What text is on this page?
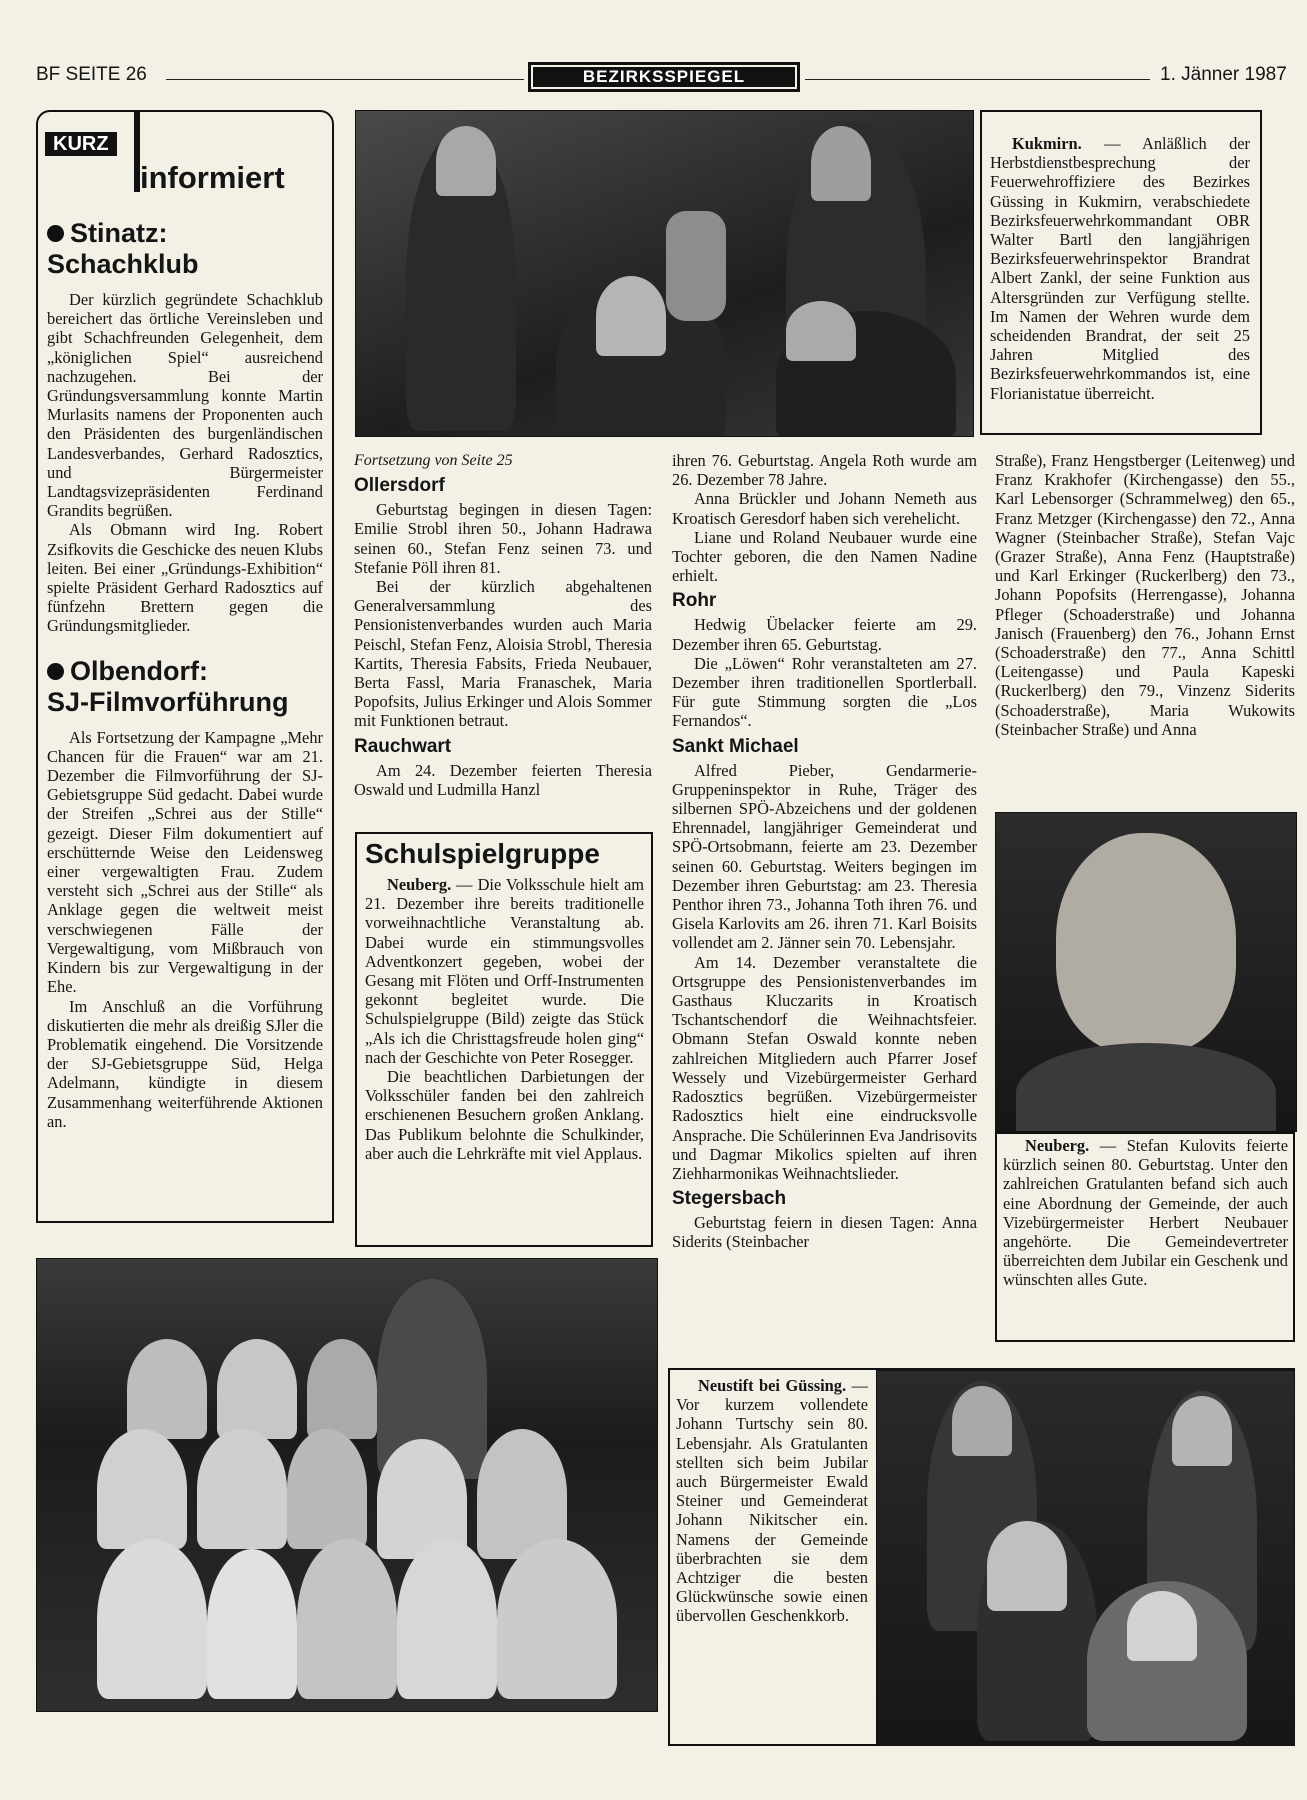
BF SEITE 26	BEZIRKSSPIEGEL	1. Jänner 1987
KURZ
informiert
Stinatz:
Schachklub

Der kürzlich gegründete Schachklub bereichert das örtliche Vereinsleben und gibt Schachfreunden Gelegenheit, dem „königlichen Spiel“ ausreichend nachzugehen. Bei der Gründungsversammlung konnte Martin Murlasits namens der Proponenten auch den Präsidenten des burgenländischen Landesverbandes, Gerhard Radosztics, und Bürgermeister Landtagsvizepräsidenten Ferdinand Grandits begrüßen.

Als Obmann wird Ing. Robert Zsifkovits die Geschicke des neuen Klubs leiten. Bei einer „Gründungs-Exhibition“ spielte Präsident Gerhard Radosztics auf fünfzehn Brettern gegen die Gründungsmitglieder.

Olbendorf:
SJ-Filmvorführung

Als Fortsetzung der Kampagne „Mehr Chancen für die Frauen“ war am 21. Dezember die Filmvorführung der SJ-Gebietsgruppe Süd gedacht. Dabei wurde der Streifen „Schrei aus der Stille“ gezeigt. Dieser Film dokumentiert auf erschütternde Weise den Leidensweg einer vergewaltigten Frau. Zudem versteht sich „Schrei aus der Stille“ als Anklage gegen die weltweit meist verschwiegenen Fälle der Vergewaltigung, vom Mißbrauch von Kindern bis zur Vergewaltigung in der Ehe.

Im Anschluß an die Vorführung diskutierten die mehr als dreißig SJler die Problematik eingehend. Die Vorsitzende der SJ-Gebietsgruppe Süd, Helga Adelmann, kündigte in diesem Zusammenhang weiterführende Aktionen an.

Kukmirn. — Anläßlich der Herbstdienstbesprechung der Feuerwehroffiziere des Bezirkes Güssing in Kukmirn, verabschiedete Bezirksfeuerwehrkommandant OBR Walter Bartl den langjährigen Bezirksfeuerwehrinspektor Brandrat Albert Zankl, der seine Funktion aus Altersgründen zur Verfügung stellte. Im Namen der Wehren wurde dem scheidenden Brandrat, der seit 25 Jahren Mitglied des Bezirksfeuerwehrkommandos ist, eine Florianistatue überreicht.

Fortsetzung von Seite 25
Ollersdorf

Geburtstag begingen in diesen Tagen: Emilie Strobl ihren 50., Johann Hadrawa seinen 60., Stefan Fenz seinen 73. und Stefanie Pöll ihren 81.

Bei der kürzlich abgehaltenen Generalversammlung des Pensionistenverbandes wurden auch Maria Peischl, Stefan Fenz, Aloisia Strobl, Theresia Kartits, Theresia Fabsits, Frieda Neubauer, Berta Fassl, Maria Franaschek, Maria Popofsits, Julius Erkinger und Alois Sommer mit Funktionen betraut.

Rauchwart

Am 24. Dezember feierten Theresia Oswald und Ludmilla Hanzl

Schulspielgruppe

Neuberg. — Die Volksschule hielt am 21. Dezember ihre bereits traditionelle vorweihnachtliche Veranstaltung ab. Dabei wurde ein stimmungsvolles Adventkonzert gegeben, wobei der Gesang mit Flöten und Orff-Instrumenten gekonnt begleitet wurde. Die Schulspielgruppe (Bild) zeigte das Stück „Als ich die Christtagsfreude holen ging“ nach der Geschichte von Peter Rosegger.

Die beachtlichen Darbietungen der Volksschüler fanden bei den zahlreich erschienenen Besuchern großen Anklang. Das Publikum belohnte die Schulkinder, aber auch die Lehrkräfte mit viel Applaus.

ihren 76. Geburtstag. Angela Roth wurde am 26. Dezember 78 Jahre.

Anna Brückler und Johann Nemeth aus Kroatisch Geresdorf haben sich verehelicht.

Liane und Roland Neubauer wurde eine Tochter geboren, die den Namen Nadine erhielt.

Rohr

Hedwig Übelacker feierte am 29. Dezember ihren 65. Geburtstag.

Die „Löwen“ Rohr veranstalteten am 27. Dezember ihren traditionellen Sportlerball. Für gute Stimmung sorgten die „Los Fernandos“.

Sankt Michael

Alfred Pieber, Gendarmerie-Gruppeninspektor in Ruhe, Träger des silbernen SPÖ-Abzeichens und der goldenen Ehrennadel, langjähriger Gemeinderat und SPÖ-Ortsobmann, feierte am 23. Dezember seinen 60. Geburtstag. Weiters begingen im Dezember ihren Geburtstag: am 23. Theresia Penthor ihren 73., Johanna Toth ihren 76. und Gisela Karlovits am 26. ihren 71. Karl Boisits vollendet am 2. Jänner sein 70. Lebensjahr.

Am 14. Dezember veranstaltete die Ortsgruppe des Pensionistenverbandes im Gasthaus Kluczarits in Kroatisch Tschantschendorf die Weihnachtsfeier. Obmann Stefan Oswald konnte neben zahlreichen Mitgliedern auch Pfarrer Josef Wessely und Vizebürgermeister Gerhard Radosztics begrüßen. Vizebürgermeister Radosztics hielt eine eindrucksvolle Ansprache. Die Schülerinnen Eva Jandrisovits und Dagmar Mikolics spielten auf ihren Ziehharmonikas Weihnachtslieder.

Stegersbach

Geburtstag feiern in diesen Tagen: Anna Siderits (Steinbacher

Straße), Franz Hengstberger (Leitenweg) und Franz Krakhofer (Kirchengasse) den 55., Karl Lebensorger (Schrammelweg) den 65., Franz Metzger (Kirchengasse) den 72., Anna Wagner (Steinbacher Straße), Stefan Vajc (Grazer Straße), Anna Fenz (Hauptstraße) und Karl Erkinger (Ruckerlberg) den 73., Johann Popofsits (Herrengasse), Johanna Pfleger (Schoaderstraße) und Johanna Janisch (Frauenberg) den 76., Johann Ernst (Schoaderstraße) den 77., Anna Schittl (Leitengasse) und Paula Kapeski (Ruckerlberg) den 79., Vinzenz Siderits (Schoaderstraße), Maria Wukowits (Steinbacher Straße) und Anna

Neuberg. — Stefan Kulovits feierte kürzlich seinen 80. Geburtstag. Unter den zahlreichen Gratulanten befand sich auch eine Abordnung der Gemeinde, der auch Vizebürgermeister Herbert Neubauer angehörte. Die Gemeindevertreter überreichten dem Jubilar ein Geschenk und wünschten alles Gute.

Neustift bei Güssing. — Vor kurzem vollendete Johann Turtschy sein 80. Lebensjahr. Als Gratulanten stellten sich beim Jubilar auch Bürgermeister Ewald Steiner und Gemeinderat Johann Nikitscher ein. Namens der Gemeinde überbrachten sie dem Achtziger die besten Glückwünsche sowie einen übervollen Geschenkkorb.
